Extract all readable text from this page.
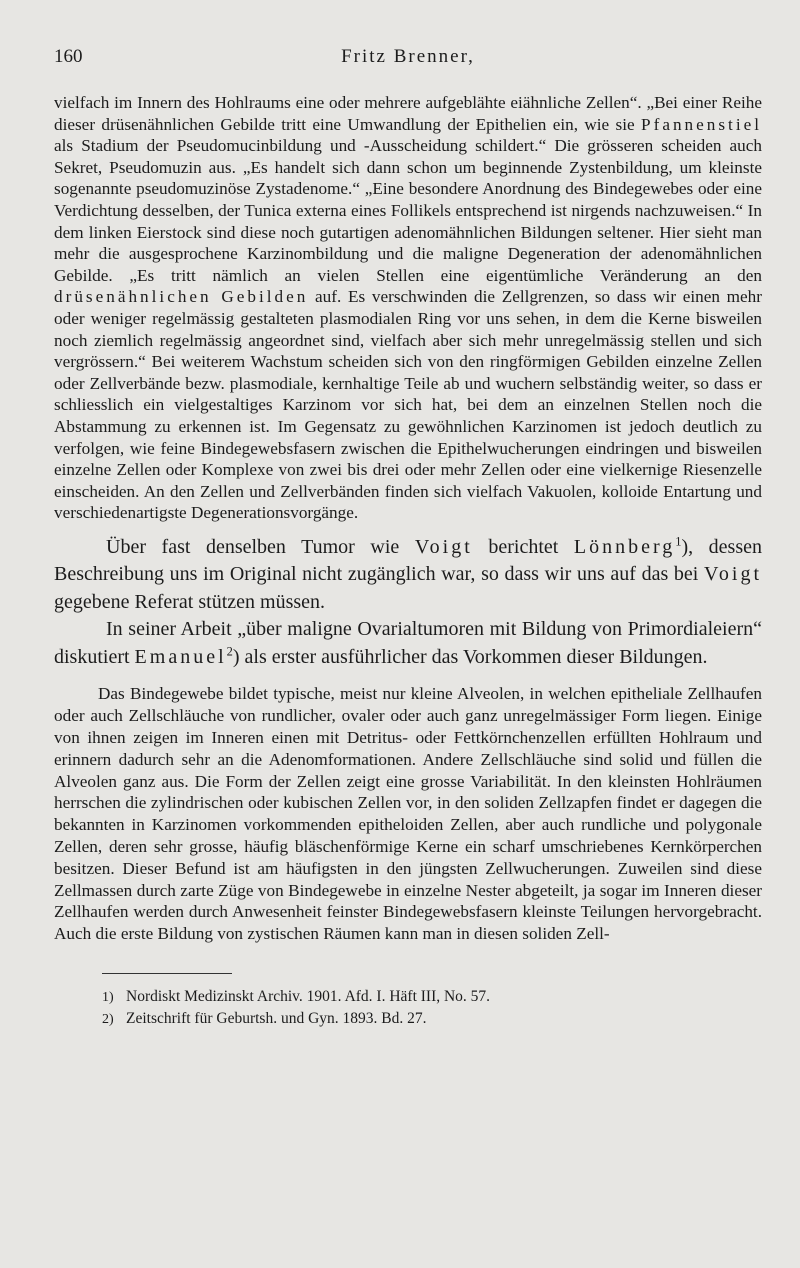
160	Fritz Brenner,

vielfach im Innern des Hohlraums eine oder mehrere aufgeblähte eiähnliche Zellen“. „Bei einer Reihe dieser drüsenähnlichen Gebilde tritt eine Umwandlung der Epithelien ein, wie sie Pfannenstiel als Stadium der Pseudomucinbildung und -Ausscheidung schildert.“ Die grösseren scheiden auch Sekret, Pseudomuzin aus. „Es handelt sich dann schon um beginnende Zystenbildung, um kleinste sogenannte pseudomuzinöse Zystadenome.“ „Eine besondere Anordnung des Bindegewebes oder eine Verdichtung desselben, der Tunica externa eines Follikels entsprechend ist nirgends nachzuweisen.“ In dem linken Eierstock sind diese noch gutartigen adenomähnlichen Bildungen seltener. Hier sieht man mehr die ausgesprochene Karzinombildung und die maligne Degeneration der adenomähnlichen Gebilde. „Es tritt nämlich an vielen Stellen eine eigentümliche Veränderung an den drüsenähnlichen Gebilden auf. Es verschwinden die Zellgrenzen, so dass wir einen mehr oder weniger regelmässig gestalteten plasmodialen Ring vor uns sehen, in dem die Kerne bisweilen noch ziemlich regelmässig angeordnet sind, vielfach aber sich mehr unregelmässig stellen und sich vergrössern.“ Bei weiterem Wachstum scheiden sich von den ringförmigen Gebilden einzelne Zellen oder Zellverbände bezw. plasmodiale, kernhaltige Teile ab und wuchern selbständig weiter, so dass er schliesslich ein vielgestaltiges Karzinom vor sich hat, bei dem an einzelnen Stellen noch die Abstammung zu erkennen ist. Im Gegensatz zu gewöhnlichen Karzinomen ist jedoch deutlich zu verfolgen, wie feine Bindegewebsfasern zwischen die Epithelwucherungen eindringen und bisweilen einzelne Zellen oder Komplexe von zwei bis drei oder mehr Zellen oder eine vielkernige Riesenzelle einscheiden. An den Zellen und Zellverbänden finden sich vielfach Vakuolen, kolloide Entartung und verschiedenartigste Degenerationsvorgänge.

Über fast denselben Tumor wie Voigt berichtet Lönnberg$^1$), dessen Beschreibung uns im Original nicht zugänglich war, so dass wir uns auf das bei Voigt gegebene Referat stützen müssen.

In seiner Arbeit „über maligne Ovarialtumoren mit Bildung von Primordialeiern“ diskutiert Emanuel$^2$) als erster ausführlicher das Vorkommen dieser Bildungen.

Das Bindegewebe bildet typische, meist nur kleine Alveolen, in welchen epitheliale Zellhaufen oder auch Zellschläuche von rundlicher, ovaler oder auch ganz unregelmässiger Form liegen. Einige von ihnen zeigen im Inneren einen mit Detritus- oder Fettkörnchenzellen erfüllten Hohlraum und erinnern dadurch sehr an die Adenomformationen. Andere Zellschläuche sind solid und füllen die Alveolen ganz aus. Die Form der Zellen zeigt eine grosse Variabilität. In den kleinsten Hohlräumen herrschen die zylindrischen oder kubischen Zellen vor, in den soliden Zellzapfen findet er dagegen die bekannten in Karzinomen vorkommenden epitheloiden Zellen, aber auch rundliche und polygonale Zellen, deren sehr grosse, häufig bläschenförmige Kerne ein scharf umschriebenes Kernkörperchen besitzen. Dieser Befund ist am häufigsten in den jüngsten Zellwucherungen. Zuweilen sind diese Zellmassen durch zarte Züge von Bindegewebe in einzelne Nester abgeteilt, ja sogar im Inneren dieser Zellhaufen werden durch Anwesenheit feinster Bindegewebsfasern kleinste Teilungen hervorgebracht. Auch die erste Bildung von zystischen Räumen kann man in diesen soliden Zell-

1) Nordiskt Medizinskt Archiv. 1901. Afd. I. Häft III, No. 57.
2) Zeitschrift für Geburtsh. und Gyn. 1893. Bd. 27.
